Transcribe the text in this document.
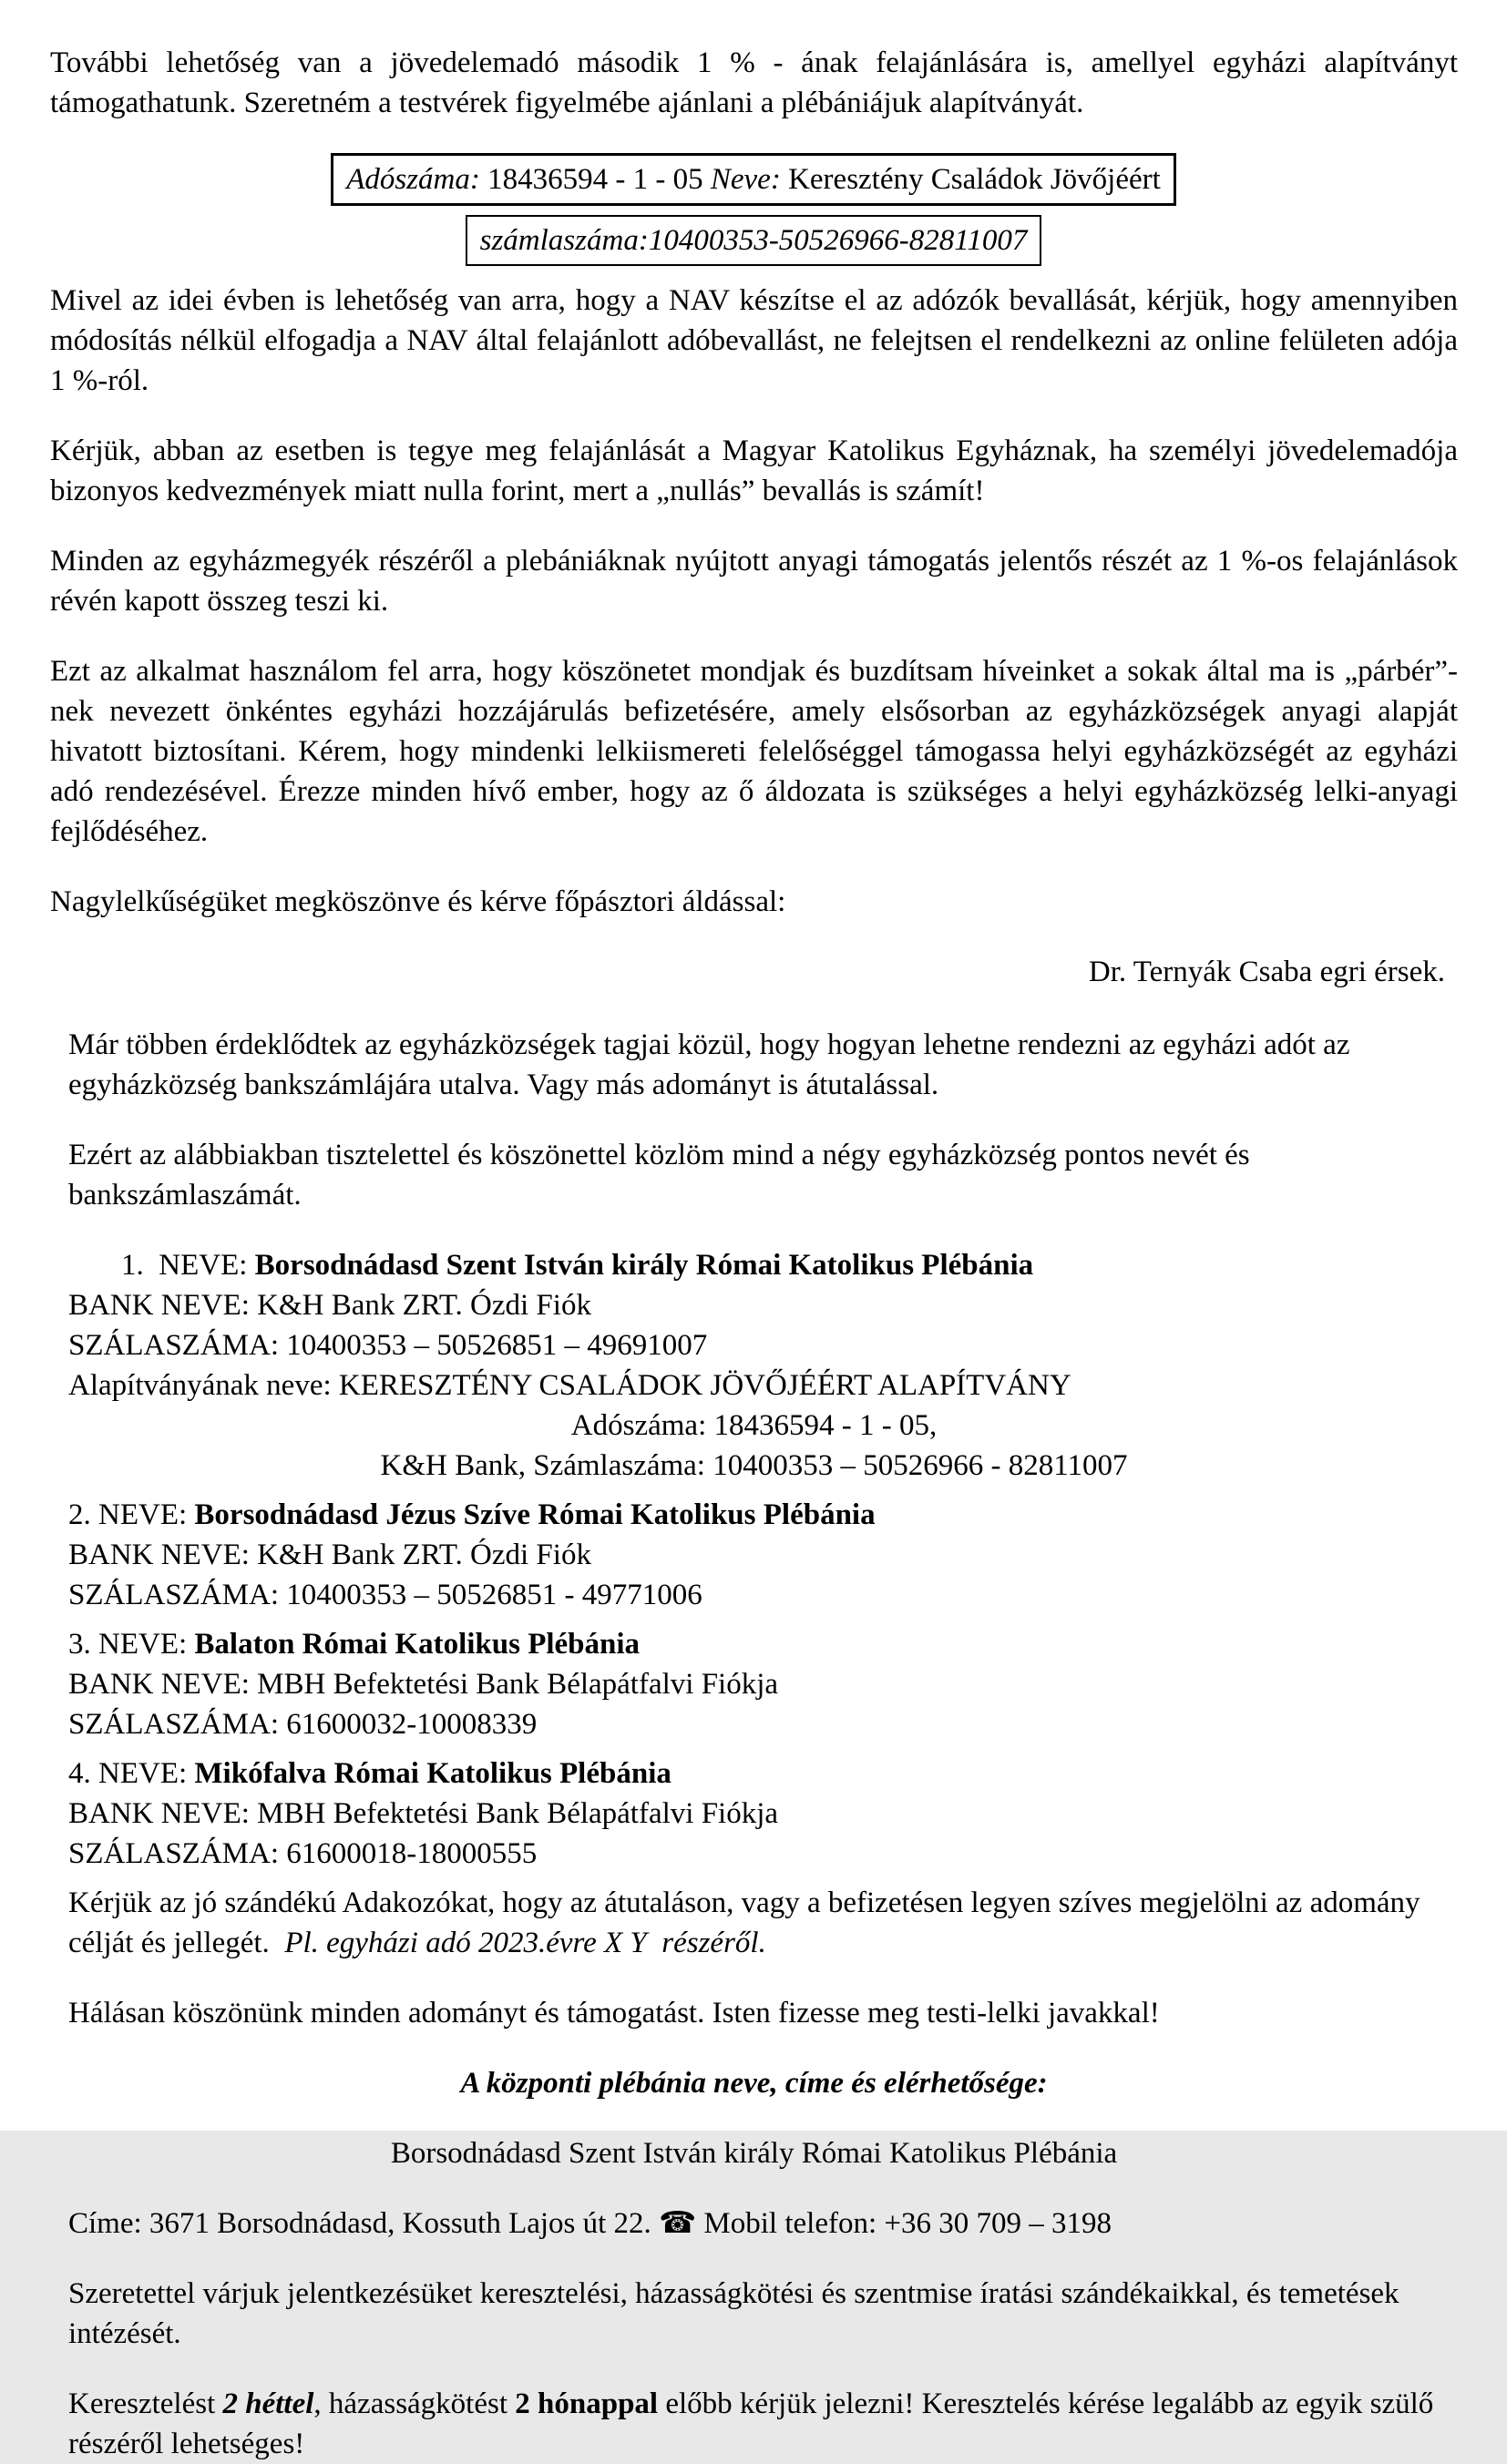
További lehetőség van a jövedelemadó második 1 % - ának felajánlására is, amellyel egyházi alapítványt támogathatunk. Szeretném a testvérek figyelmébe ajánlani a plébániájuk alapítványát.

Adószáma: 18436594 - 1 - 05 Neve: Keresztény Családok Jövőjéért
számlaszáma:10400353-50526966-82811007

Mivel az idei évben is lehetőség van arra, hogy a NAV készítse el az adózók bevallását, kérjük, hogy amennyiben módosítás nélkül elfogadja a NAV által felajánlott adóbevallást, ne felejtsen el rendelkezni az online felületen adója 1 %-ról.

Kérjük, abban az esetben is tegye meg felajánlását a Magyar Katolikus Egyháznak, ha személyi jövedelemadója bizonyos kedvezmények miatt nulla forint, mert a „nullás” bevallás is számít!

Minden az egyházmegyék részéről a plebániáknak nyújtott anyagi támogatás jelentős részét az 1 %-os felajánlások révén kapott összeg teszi ki.

Ezt az alkalmat használom fel arra, hogy köszönetet mondjak és buzdítsam híveinket a sokak által ma is „párbér”-nek nevezett önkéntes egyházi hozzájárulás befizetésére, amely elsősorban az egyházközségek anyagi alapját hivatott biztosítani. Kérem, hogy mindenki lelkiismereti felelőséggel támogassa helyi egyházközségét az egyházi adó rendezésével. Érezze minden hívő ember, hogy az ő áldozata is szükséges a helyi egyházközség lelki-anyagi fejlődéséhez.

Nagylelkűségüket megköszönve és kérve főpásztori áldással:

Dr. Ternyák Csaba egri érsek.

Már többen érdeklődtek az egyházközségek tagjai közül, hogy hogyan lehetne rendezni az egyházi adót az egyházközség bankszámlájára utalva. Vagy más adományt is átutalással.

Ezért az alábbiakban tisztelettel és köszönettel közlöm mind a négy egyházközség pontos nevét és bankszámlaszámát.

1.  NEVE: Borsodnádasd Szent István király Római Katolikus Plébánia
BANK NEVE: K&H Bank ZRT. Ózdi Fiók
SZÁLASZÁMA: 10400353 – 50526851 – 49691007
Alapítványának neve: KERESZTÉNY CSALÁDOK JÖVŐJÉÉRT ALAPÍTVÁNY
Adószáma: 18436594 - 1 - 05,
K&H Bank, Számlaszáma: 10400353 – 50526966 - 82811007
2. NEVE: Borsodnádasd Jézus Szíve Római Katolikus Plébánia
BANK NEVE: K&H Bank ZRT. Ózdi Fiók
SZÁLASZÁMA: 10400353 – 50526851 - 49771006
3. NEVE: Balaton Római Katolikus Plébánia
BANK NEVE: MBH Befektetési Bank Bélapátfalvi Fiókja
SZÁLASZÁMA: 61600032-10008339
4. NEVE: Mikófalva Római Katolikus Plébánia
BANK NEVE: MBH Befektetési Bank Bélapátfalvi Fiókja
SZÁLASZÁMA: 61600018-18000555

Kérjük az jó szándékú Adakozókat, hogy az átutaláson, vagy a befizetésen legyen szíves megjelölni az adomány célját és jellegét.  Pl. egyházi adó 2023.évre X Y  részéről.

Hálásan köszönünk minden adományt és támogatást. Isten fizesse meg testi-lelki javakkal!

A központi plébánia neve, címe és elérhetősége:

Borsodnádasd Szent István király Római Katolikus Plébánia

Címe: 3671 Borsodnádasd, Kossuth Lajos út 22. ☎ Mobil telefon: +36 30 709 – 3198

Szeretettel várjuk jelentkezésüket keresztelési, házasságkötési és szentmise íratási szándékaikkal, és temetések intézését.

Keresztelést 2 héttel, házasságkötést 2 hónappal előbb kérjük jelezni! Keresztelés kérése legalább az egyik szülő részéről lehetséges!
